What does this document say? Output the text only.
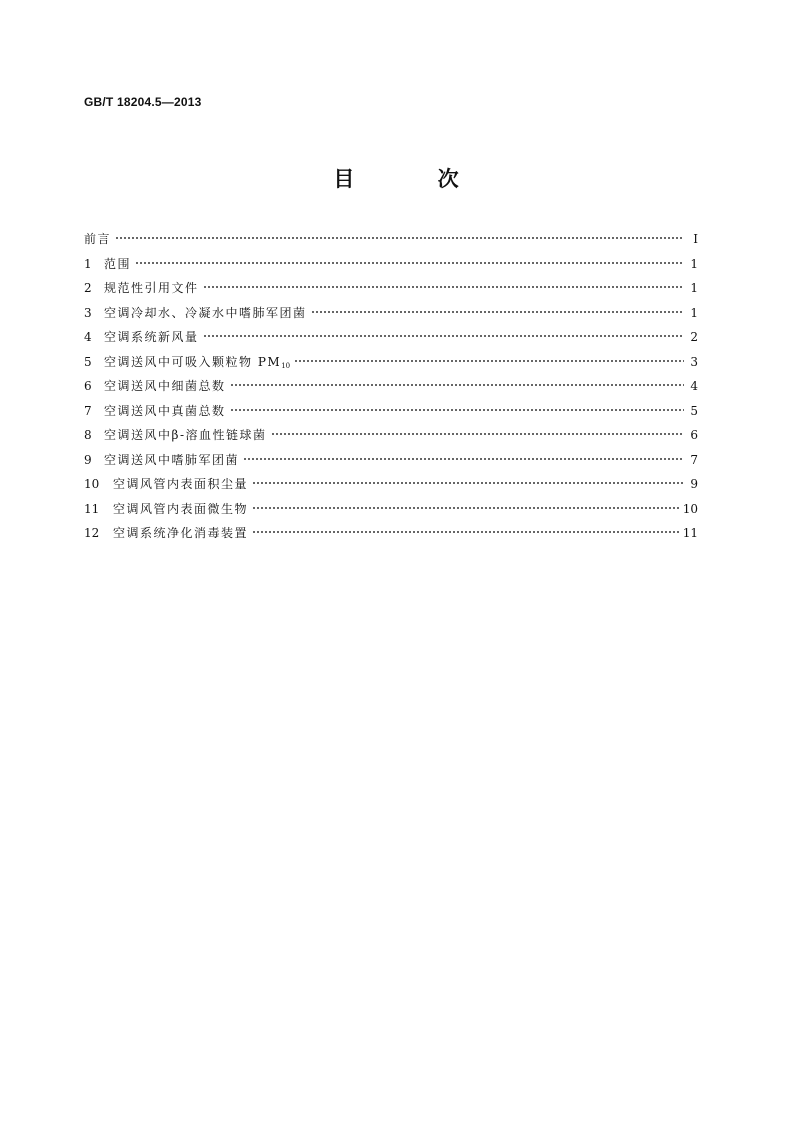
GB/T 18204.5—2013
目 次
前言	Ⅰ
1	范围	1
2	规范性引用文件	1
3	空调冷却水、冷凝水中嗜肺军团菌	1
4	空调系统新风量	2
5	空调送风中可吸入颗粒物 $PM_{10}$	3
6	空调送风中细菌总数	4
7	空调送风中真菌总数	5
8	空调送风中β-溶血性链球菌	6
9	空调送风中嗜肺军团菌	7
10	空调风管内表面积尘量	9
11	空调风管内表面微生物	10
12	空调系统净化消毒装置	11
